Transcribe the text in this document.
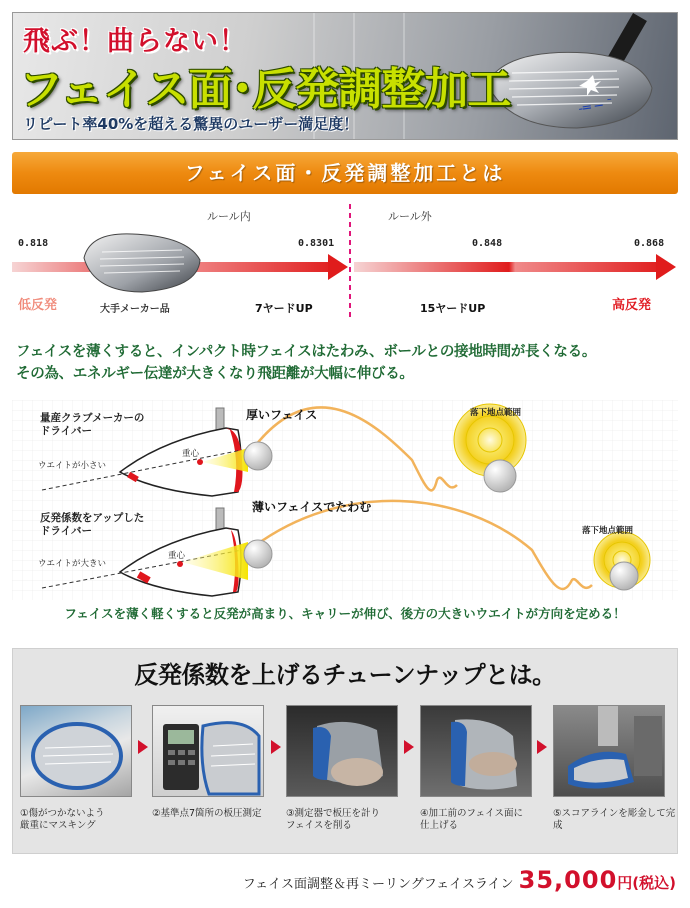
-═ ─ ˉ
飛ぶ！曲らない！
フェイス面･反発調整加工
リピート率40%を超える驚異のユーザー満足度！
フェイス面・反発調整加工とは
ルール内	ルール外
0.818	0.8301	0.848	0.868
低反発	大手メーカー品	7ヤードUP	15ヤードUP	高反発
フェイスを薄くすると、インパクト時フェイスはたわみ、ボールとの接地時間が長くなる。
その為、エネルギー伝達が大きくなり飛距離が大幅に伸びる。
量産クラブメーカーの
ドライバー
ウエイトが小さい
重心
厚いフェイス	落下地点範囲
反発係数をアップした
ドライバー
ウエイトが大きい
重心
薄いフェイスでたわむ
落下地点範囲
フェイスを薄く軽くすると反発が高まり、キャリーが伸び、後方の大きいウエイトが方向を定める！
反発係数を上げるチューンナップとは。
①傷がつかないよう
厳重にマスキング
②基準点7箇所の板圧測定	③測定器で板圧を計り
フェイスを削る
④加工前のフェイス面に
仕上げる
⑤スコアラインを彫金して完成
フェイス面調整＆再ミーリングフェイスライン 35,000円(税込)
